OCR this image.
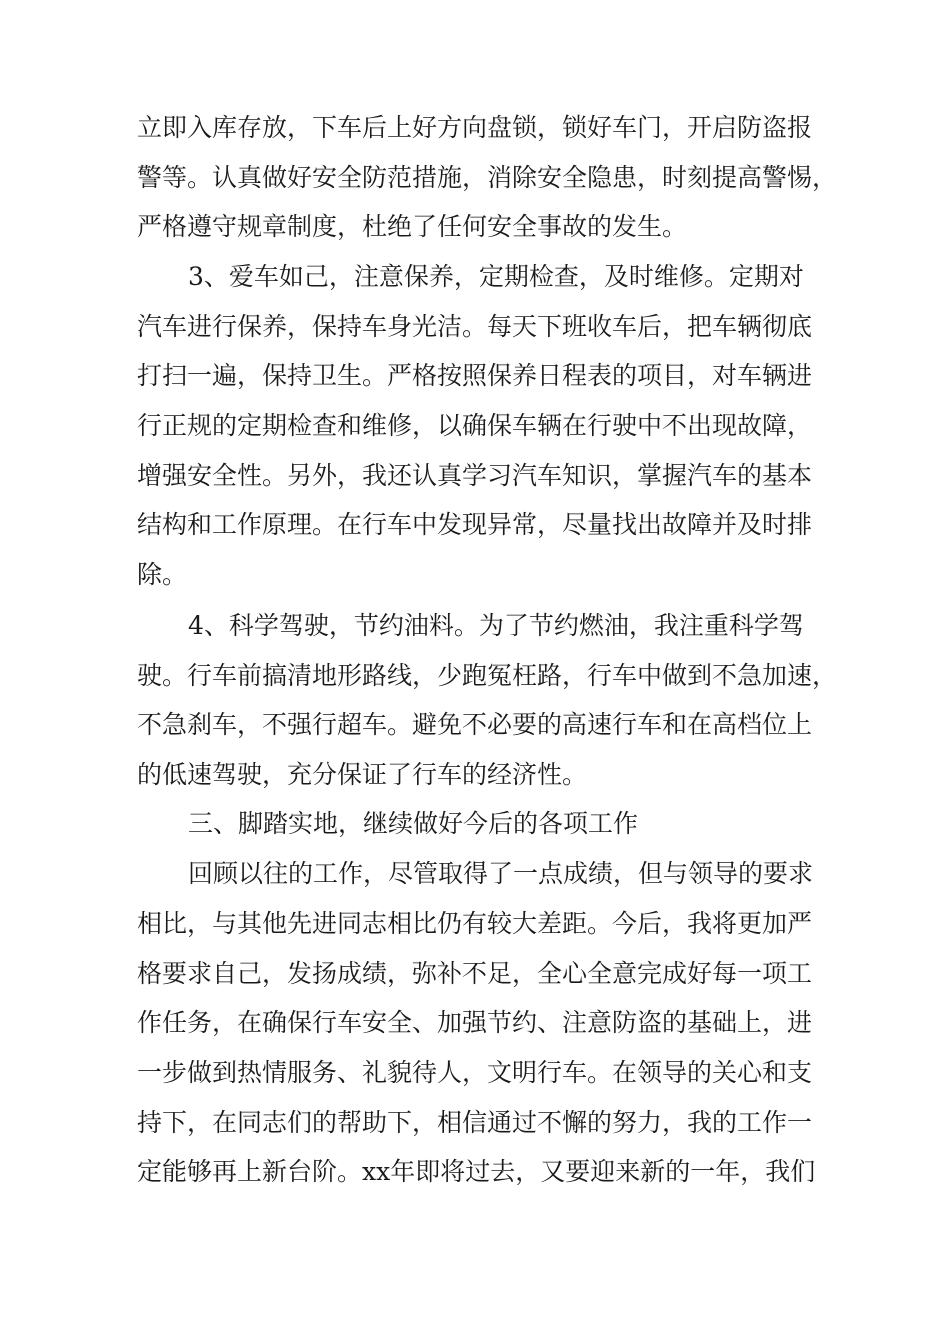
立即入库存放，下车后上好方向盘锁，锁好车门，开启防盗报
警等。认真做好安全防范措施，消除安全隐患，时刻提高警惕，
严格遵守规章制度，杜绝了任何安全事故的发生。
3、爱车如己，注意保养，定期检查，及时维修。定期对
汽车进行保养，保持车身光洁。每天下班收车后，把车辆彻底
打扫一遍，保持卫生。严格按照保养日程表的项目，对车辆进
行正规的定期检查和维修，以确保车辆在行驶中不出现故障，
增强安全性。另外，我还认真学习汽车知识，掌握汽车的基本
结构和工作原理。在行车中发现异常，尽量找出故障并及时排
除。
4、科学驾驶，节约油料。为了节约燃油，我注重科学驾
驶。行车前搞清地形路线，少跑冤枉路，行车中做到不急加速，
不急刹车，不强行超车。避免不必要的高速行车和在高档位上
的低速驾驶，充分保证了行车的经济性。
三、脚踏实地，继续做好今后的各项工作
回顾以往的工作，尽管取得了一点成绩，但与领导的要求
相比，与其他先进同志相比仍有较大差距。今后，我将更加严
格要求自己，发扬成绩，弥补不足，全心全意完成好每一项工
作任务，在确保行车安全、加强节约、注意防盗的基础上，进
一步做到热情服务、礼貌待人，文明行车。在领导的关心和支
持下，在同志们的帮助下，相信通过不懈的努力，我的工作一
定能够再上新台阶。xx年即将过去，又要迎来新的一年，我们
